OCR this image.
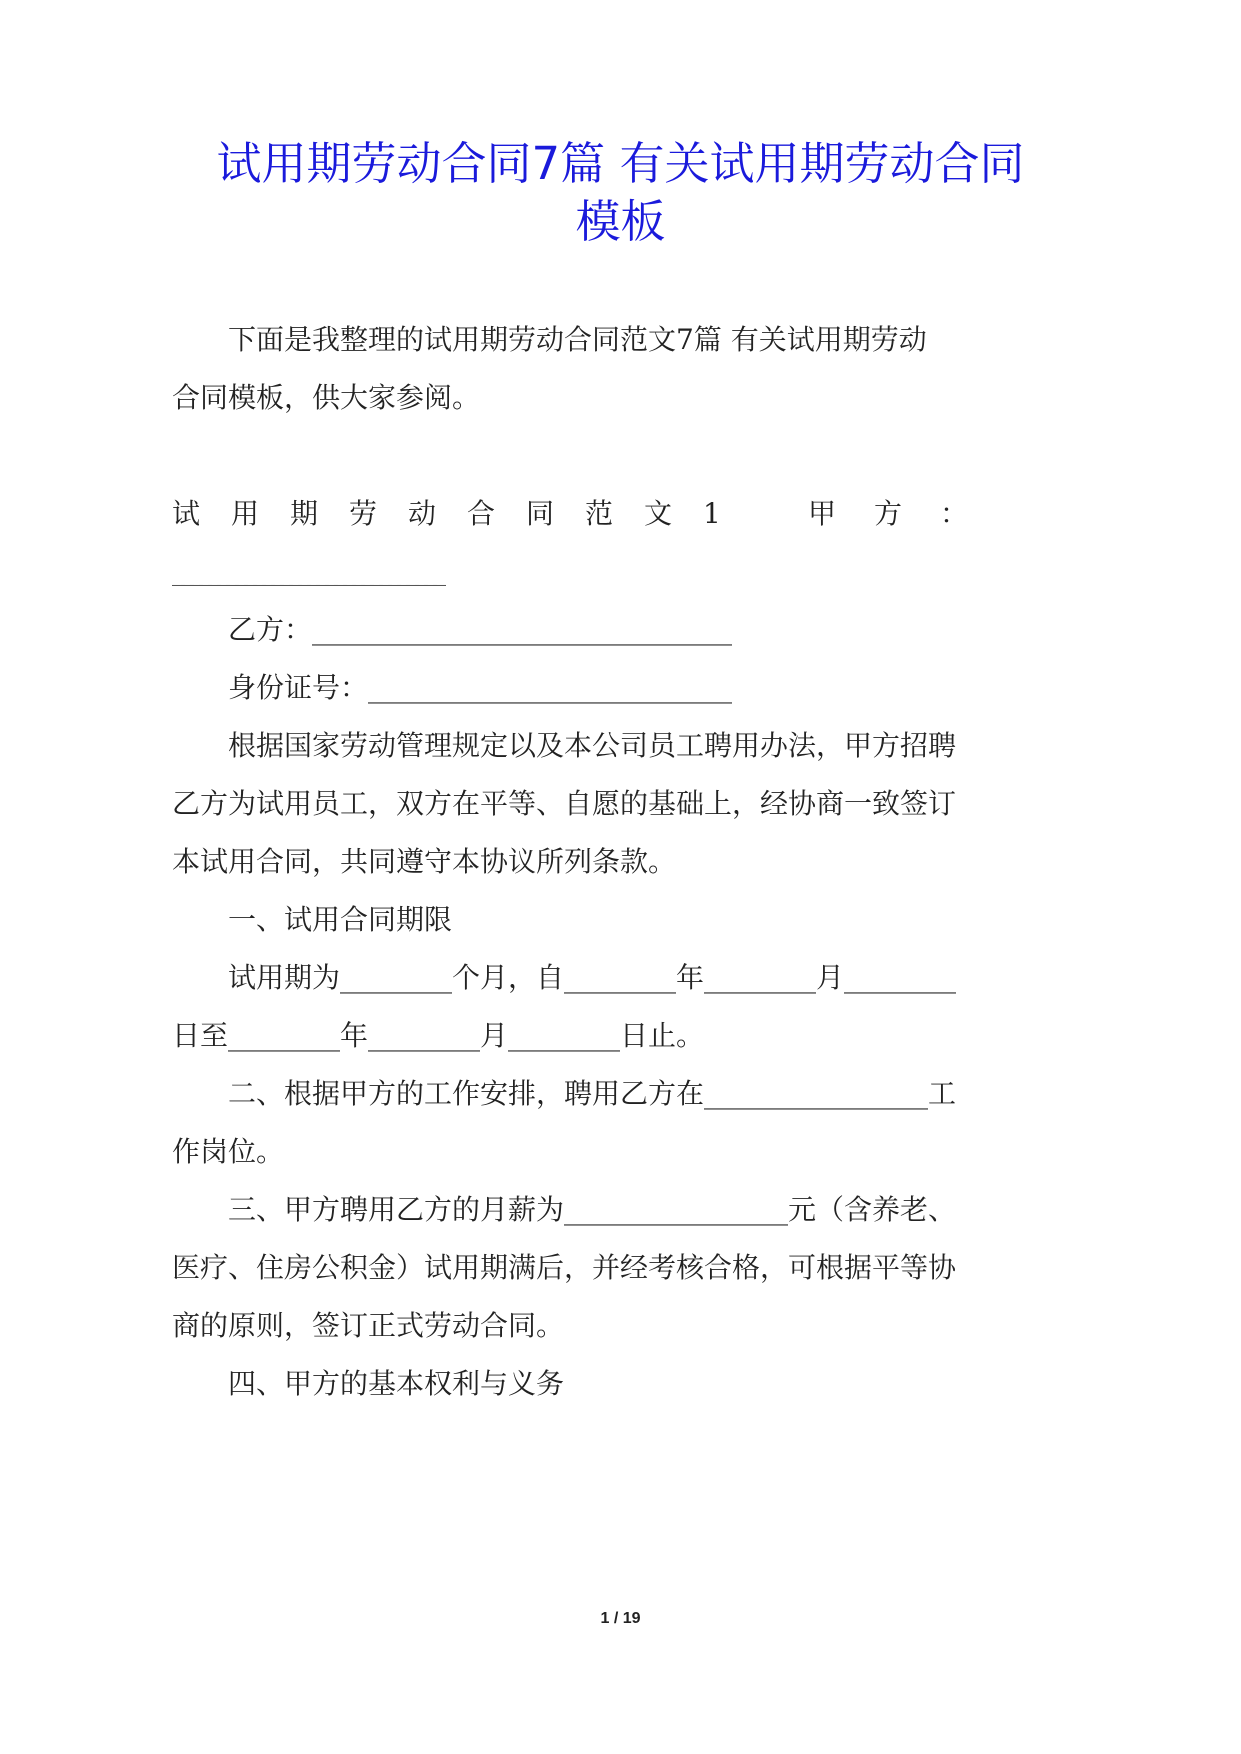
试用期劳动合同7篇 有关试用期劳动合同
模板

下面是我整理的试用期劳动合同范文7篇 有关试用期劳动

合同模板，供大家参阅。

试用期劳动合同范文1 甲方：

______________________________

乙方：______________________________

身份证号：__________________________

根据国家劳动管理规定以及本公司员工聘用办法，甲方招聘

乙方为试用员工，双方在平等、自愿的基础上，经协商一致签订

本试用合同，共同遵守本协议所列条款。

一、试用合同期限

试用期为________个月，自________年________月________

日至________年________月________日止。

二、根据甲方的工作安排，聘用乙方在________________工

作岗位。

三、甲方聘用乙方的月薪为________________元（含养老、

医疗、住房公积金）试用期满后，并经考核合格，可根据平等协

商的原则，签订正式劳动合同。

四、甲方的基本权利与义务

1 / 19
